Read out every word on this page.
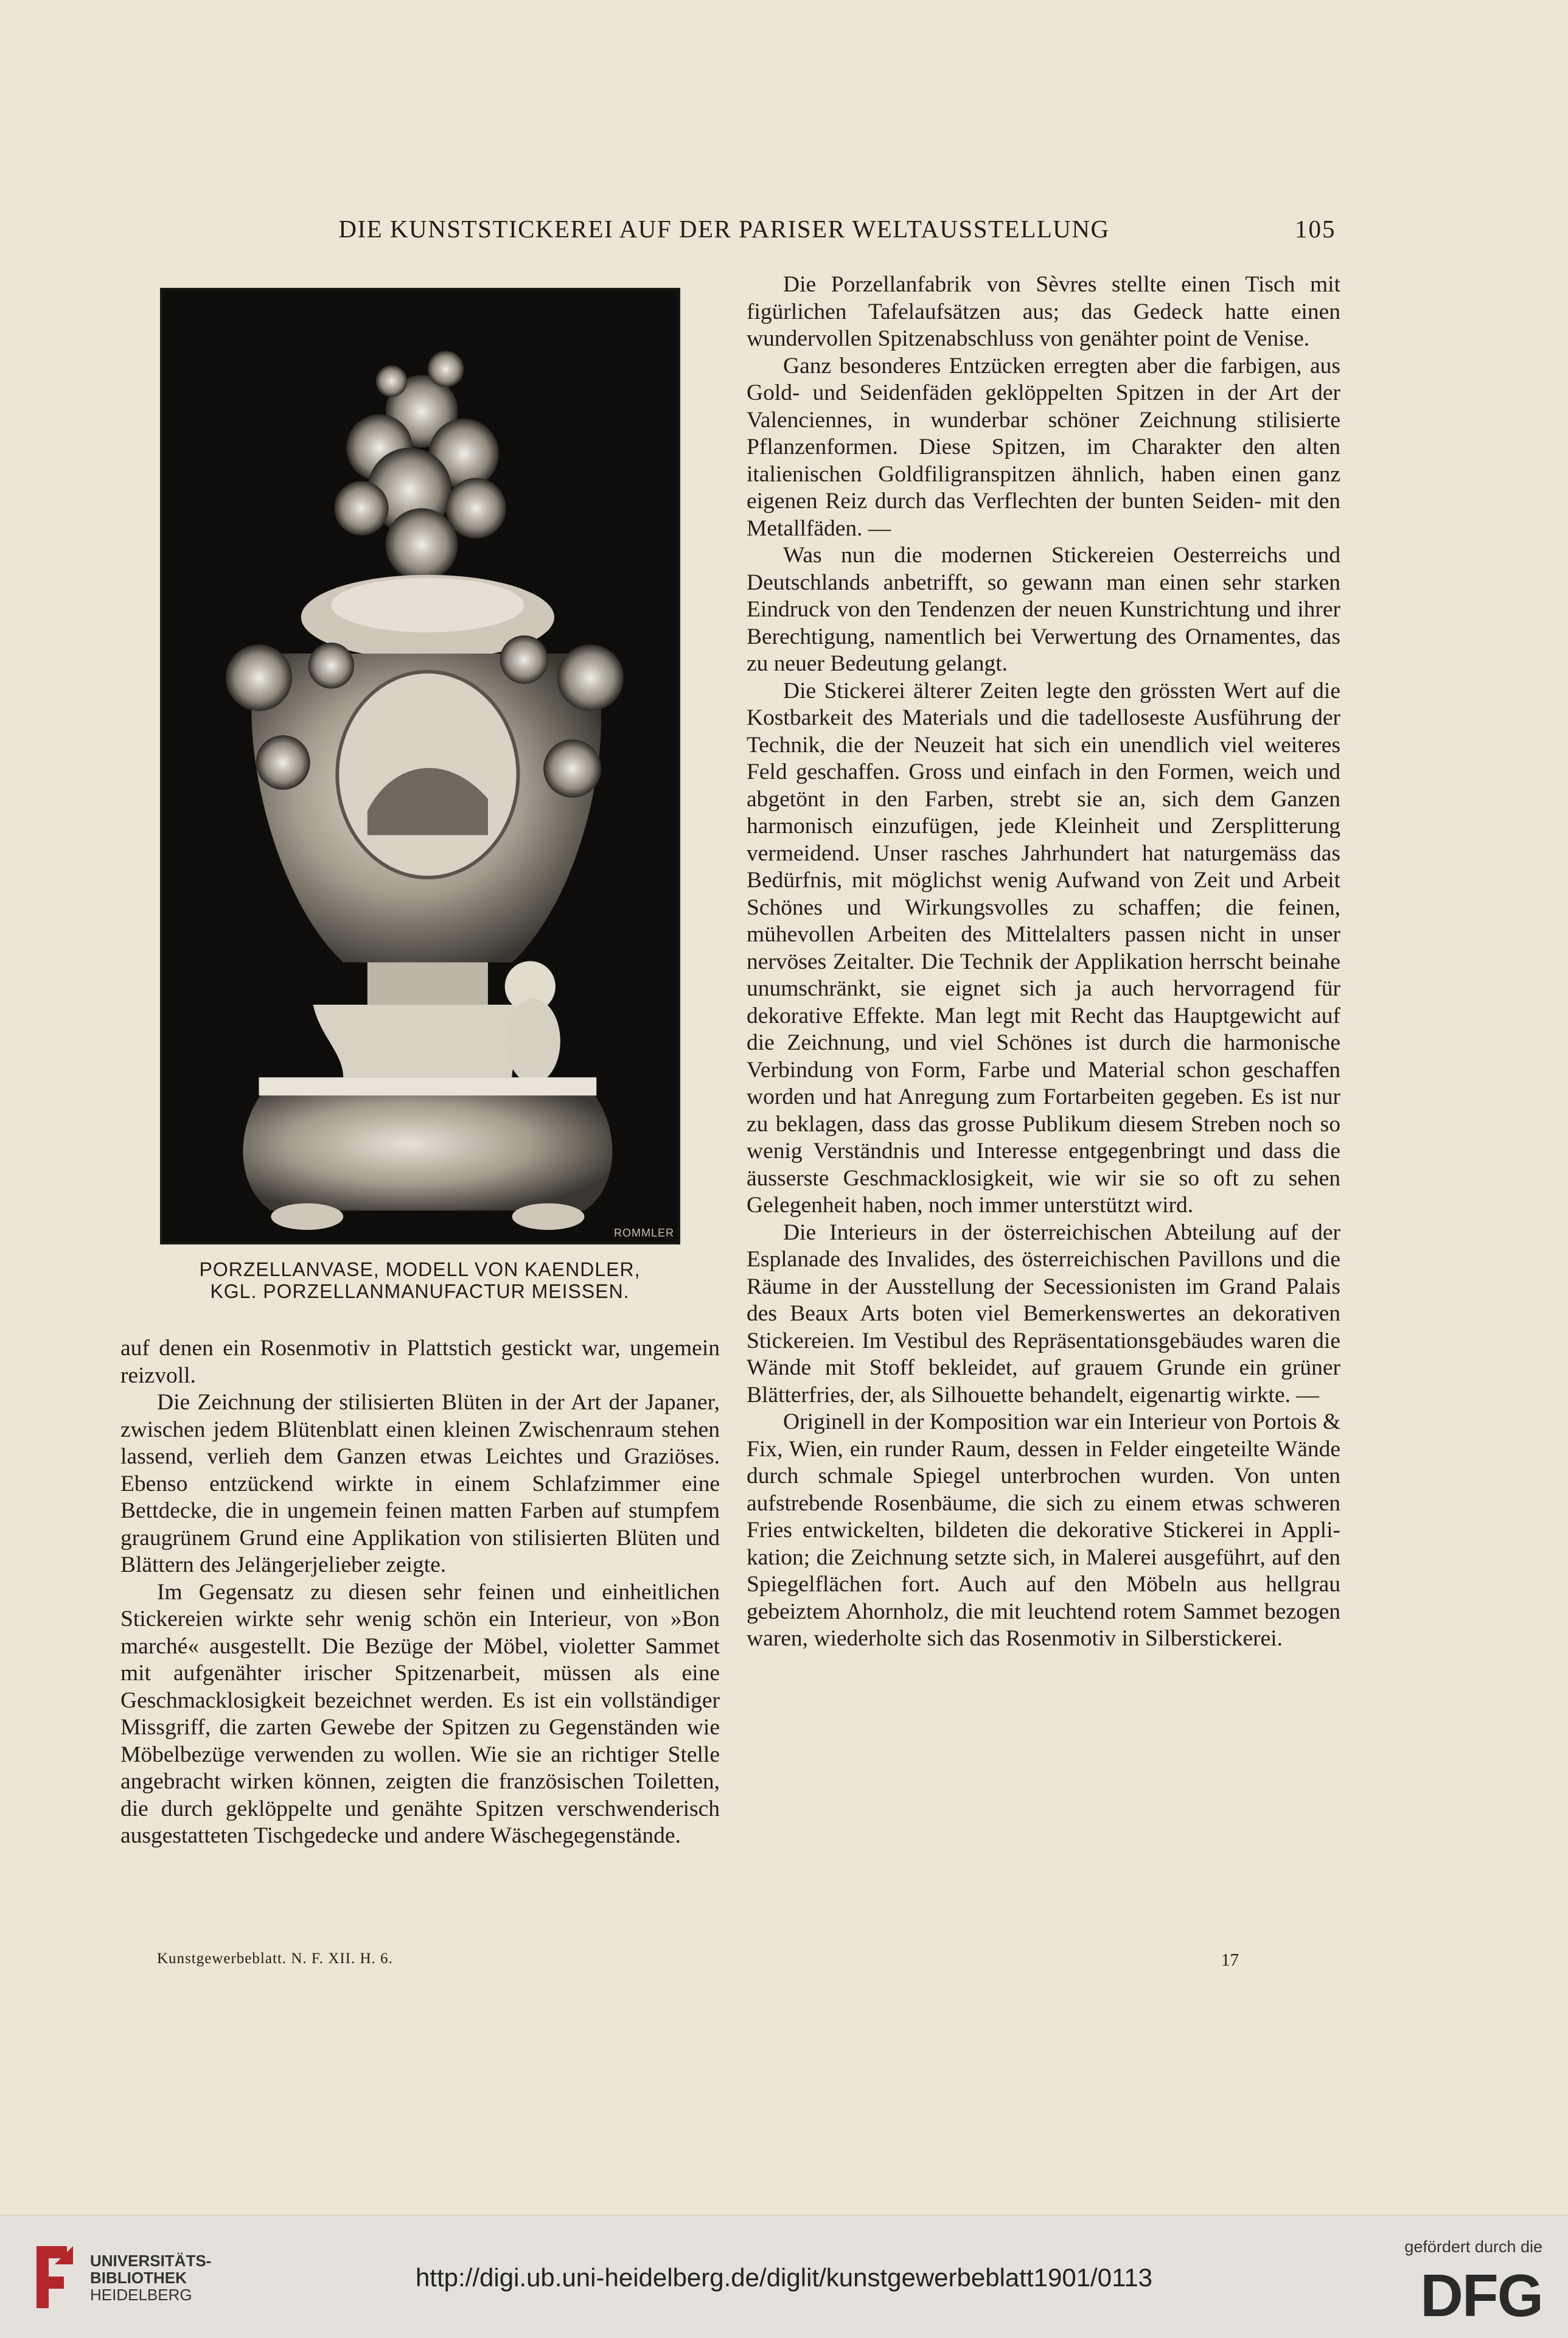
DIE KUNSTSTICKEREI AUF DER PARISER WELTAUSSTELLUNG	105
ROMMLER
PORZELLANVASE, MODELL VON KAENDLER,
KGL. PORZELLANMANUFACTUR MEISSEN.

auf denen ein Rosenmotiv in Plattstich gestickt war, ungemein reizvoll.

Die Zeichnung der stilisierten Blüten in der Art der Japaner, zwischen jedem Blütenblatt einen kleinen Zwischenraum stehen lassend, verlieh dem Ganzen etwas Leichtes und Graziöses. Ebenso entzückend wirkte in einem Schlafzimmer eine Bettdecke, die in ungemein feinen matten Farben auf stumpfem graugrünem Grund eine Applikation von stilisierten Blüten und Blättern des Jelängerjelieber zeigte.

Im Gegensatz zu diesen sehr feinen und einheitlichen Stickereien wirkte sehr wenig schön ein Interieur, von »Bon marché« ausgestellt. Die Bezüge der Möbel, violetter Sammet mit aufgenähter irischer Spitzenarbeit, müssen als eine Geschmacklosigkeit bezeichnet werden. Es ist ein vollständiger Missgriff, die zarten Gewebe der Spitzen zu Gegenständen wie Möbelbezüge verwenden zu wollen. Wie sie an richtiger Stelle angebracht wirken können, zeigten die französischen Toiletten, die durch geklöppelte und genähte Spitzen verschwenderisch ausgestatteten Tischgedecke und andere Wäschegegenstände.

Die Porzellanfabrik von Sèvres stellte einen Tisch mit figürlichen Tafelaufsätzen aus; das Gedeck hatte einen wundervollen Spitzenabschluss von genähter point de Venise.

Ganz besonderes Entzücken erregten aber die farbigen, aus Gold- und Seidenfäden geklöppelten Spitzen in der Art der Valenciennes, in wunderbar schöner Zeichnung stilisierte Pflanzenformen. Diese Spitzen, im Charakter den alten italienischen Goldfiligranspitzen ähnlich, haben einen ganz eigenen Reiz durch das Verflechten der bunten Seiden- mit den Metallfäden. —

Was nun die modernen Stickereien Oesterreichs und Deutschlands anbetrifft, so gewann man einen sehr starken Eindruck von den Tendenzen der neuen Kunstrichtung und ihrer Berechtigung, namentlich bei Verwertung des Ornamentes, das zu neuer Bedeutung gelangt.

Die Stickerei älterer Zeiten legte den grössten Wert auf die Kostbarkeit des Materials und die tadelloseste Ausführung der Technik, die der Neuzeit hat sich ein unendlich viel weiteres Feld geschaffen. Gross und einfach in den Formen, weich und abgetönt in den Farben, strebt sie an, sich dem Ganzen harmonisch einzufügen, jede Kleinheit und Zersplitterung vermeidend. Unser rasches Jahrhundert hat naturgemäss das Bedürfnis, mit möglichst wenig Aufwand von Zeit und Arbeit Schönes und Wirkungsvolles zu schaffen; die feinen, mühevollen Arbeiten des Mittelalters passen nicht in unser nervöses Zeitalter. Die Technik der Applikation herrscht beinahe unumschränkt, sie eignet sich ja auch hervorragend für dekorative Effekte. Man legt mit Recht das Hauptgewicht auf die Zeichnung, und viel Schönes ist durch die harmonische Verbindung von Form, Farbe und Material schon geschaffen worden und hat Anregung zum Fortarbeiten gegeben. Es ist nur zu beklagen, dass das grosse Publikum diesem Streben noch so wenig Verständnis und Interesse entgegenbringt und dass die äusserste Geschmacklosigkeit, wie wir sie so oft zu sehen Gelegenheit haben, noch immer unterstützt wird.

Die Interieurs in der österreichischen Abteilung auf der Esplanade des Invalides, des österreichischen Pavillons und die Räume in der Ausstellung der Secessionisten im Grand Palais des Beaux Arts boten viel Bemerkenswertes an dekorativen Stickereien. Im Vestibul des Repräsentationsgebäudes waren die Wände mit Stoff bekleidet, auf grauem Grunde ein grüner Blätterfries, der, als Silhouette behandelt, eigenartig wirkte. —

Originell in der Komposition war ein Interieur von Portois & Fix, Wien, ein runder Raum, dessen in Felder eingeteilte Wände durch schmale Spiegel unterbrochen wurden. Von unten aufstrebende Rosenbäume, die sich zu einem etwas schweren Fries entwickelten, bildeten die dekorative Stickerei in Applikation; die Zeichnung setzte sich, in Malerei ausgeführt, auf den Spiegelflächen fort. Auch auf den Möbeln aus hellgrau gebeiztem Ahornholz, die mit leuchtend rotem Sammet bezogen waren, wiederholte sich das Rosenmotiv in Silberstickerei.

Kunstgewerbeblatt. N. F. XII. H. 6.	17
UNIVERSITÄTS-
BIBLIOTHEK
HEIDELBERG
http://digi.ub.uni-heidelberg.de/diglit/kunstgewerbeblatt1901/0113
gefördert durch die
DFG
